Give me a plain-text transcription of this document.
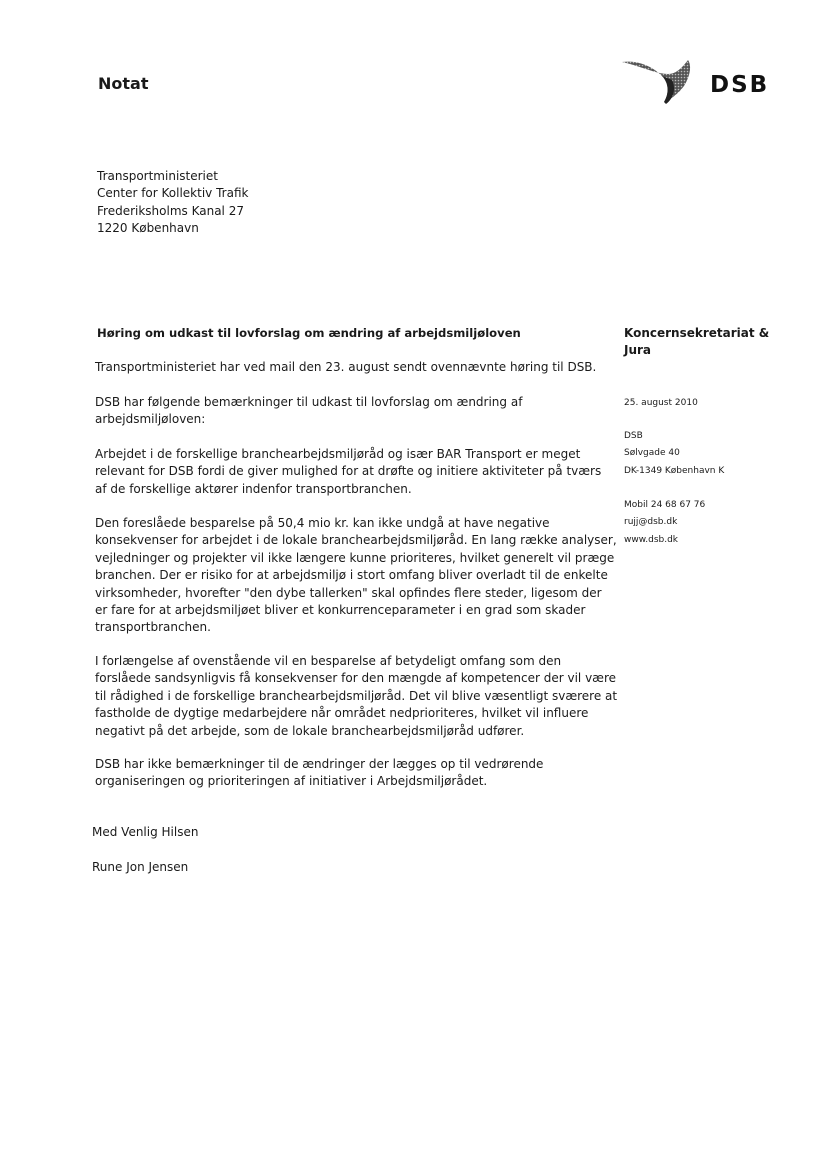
Notat	DSB
Transportministeriet
Center for Kollektiv Trafik
Frederiksholms Kanal 27
1220 København
Høring om udkast til lovforslag om ændring af arbejdsmiljøloven

Transportministeriet har ved mail den 23. august sendt ovennævnte høring til DSB.

DSB har følgende bemærkninger til udkast til lovforslag om ændring af
arbejdsmiljøloven:

Arbejdet i de forskellige branchearbejdsmiljøråd og især BAR Transport er meget
relevant for DSB fordi de giver mulighed for at drøfte og initiere aktiviteter på tværs
af de forskellige aktører indenfor transportbranchen.

Den foreslåede besparelse på 50,4 mio kr. kan ikke undgå at have negative
konsekvenser for arbejdet i de lokale branchearbejdsmiljøråd. En lang række analyser,
vejledninger og projekter vil ikke længere kunne prioriteres, hvilket generelt vil præge
branchen. Der er risiko for at arbejdsmiljø i stort omfang bliver overladt til de enkelte
virksomheder, hvorefter "den dybe tallerken" skal opfindes flere steder, ligesom der
er fare for at arbejdsmiljøet bliver et konkurrenceparameter i en grad som skader
transportbranchen.

I forlængelse af ovenstående vil en besparelse af betydeligt omfang som den
forslåede sandsynligvis få konsekvenser for den mængde af kompetencer der vil være
til rådighed i de forskellige branchearbejdsmiljøråd. Det vil blive væsentligt sværere at
fastholde de dygtige medarbejdere når området nedprioriteres, hvilket vil influere
negativt på det arbejde, som de lokale branchearbejdsmiljøråd udfører.

DSB har ikke bemærkninger til de ændringer der lægges op til vedrørende
organiseringen og prioriteringen af initiativer i Arbejdsmiljørådet.

Med Venlig Hilsen

Rune Jon Jensen

Koncernsekretariat &
Jura

25. august 2010
DSB
Sølvgade 40
DK-1349 København K
Mobil 24 68 67 76
rujj@dsb.dk
www.dsb.dk
